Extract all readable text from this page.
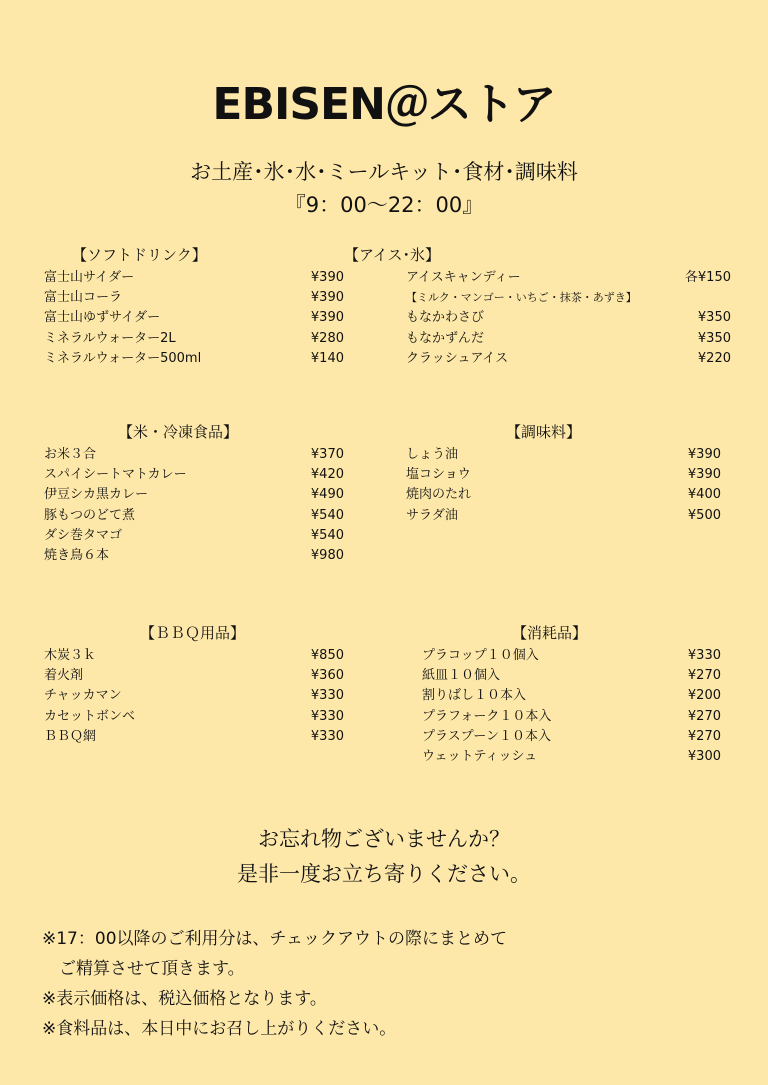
EBISEN＠ストア
お土産･氷･水･ミールキット･食材･調味料
『9：00～22：00』
【ソフトドリンク】
富士山サイダー	¥390
富士山コーラ	¥390
富士山ゆずサイダー	¥390
ミネラルウォーター2L	¥280
ミネラルウォーター500ml	¥140
【アイス･氷】
アイスキャンディー	各¥150
【ミルク・マンゴー・いちご・抹茶・あずき】
もなかわさび	¥350
もなかずんだ	¥350
クラッシュアイス	¥220
【米・冷凍食品】
お米３合	¥370
スパイシートマトカレー	¥420
伊豆シカ黒カレー	¥490
豚もつのどて煮	¥540
ダシ巻タマゴ	¥540
焼き鳥６本	¥980
【調味料】
しょう油	¥390
塩コショウ	¥390
焼肉のたれ	¥400
サラダ油	¥500
【ＢＢＱ用品】
木炭３ｋ	¥850
着火剤	¥360
チャッカマン	¥330
カセットボンベ	¥330
ＢＢＱ網	¥330
【消耗品】
プラコップ１０個入	¥330
紙皿１０個入	¥270
割りばし１０本入	¥200
プラフォーク１０本入	¥270
プラスプーン１０本入	¥270
ウェットティッシュ	¥300
お忘れ物ございませんか？
是非一度お立ち寄りください。
※17：00以降のご利用分は、チェックアウトの際にまとめて
　ご精算させて頂きます。
※表示価格は、税込価格となります。
※食料品は、本日中にお召し上がりください。
